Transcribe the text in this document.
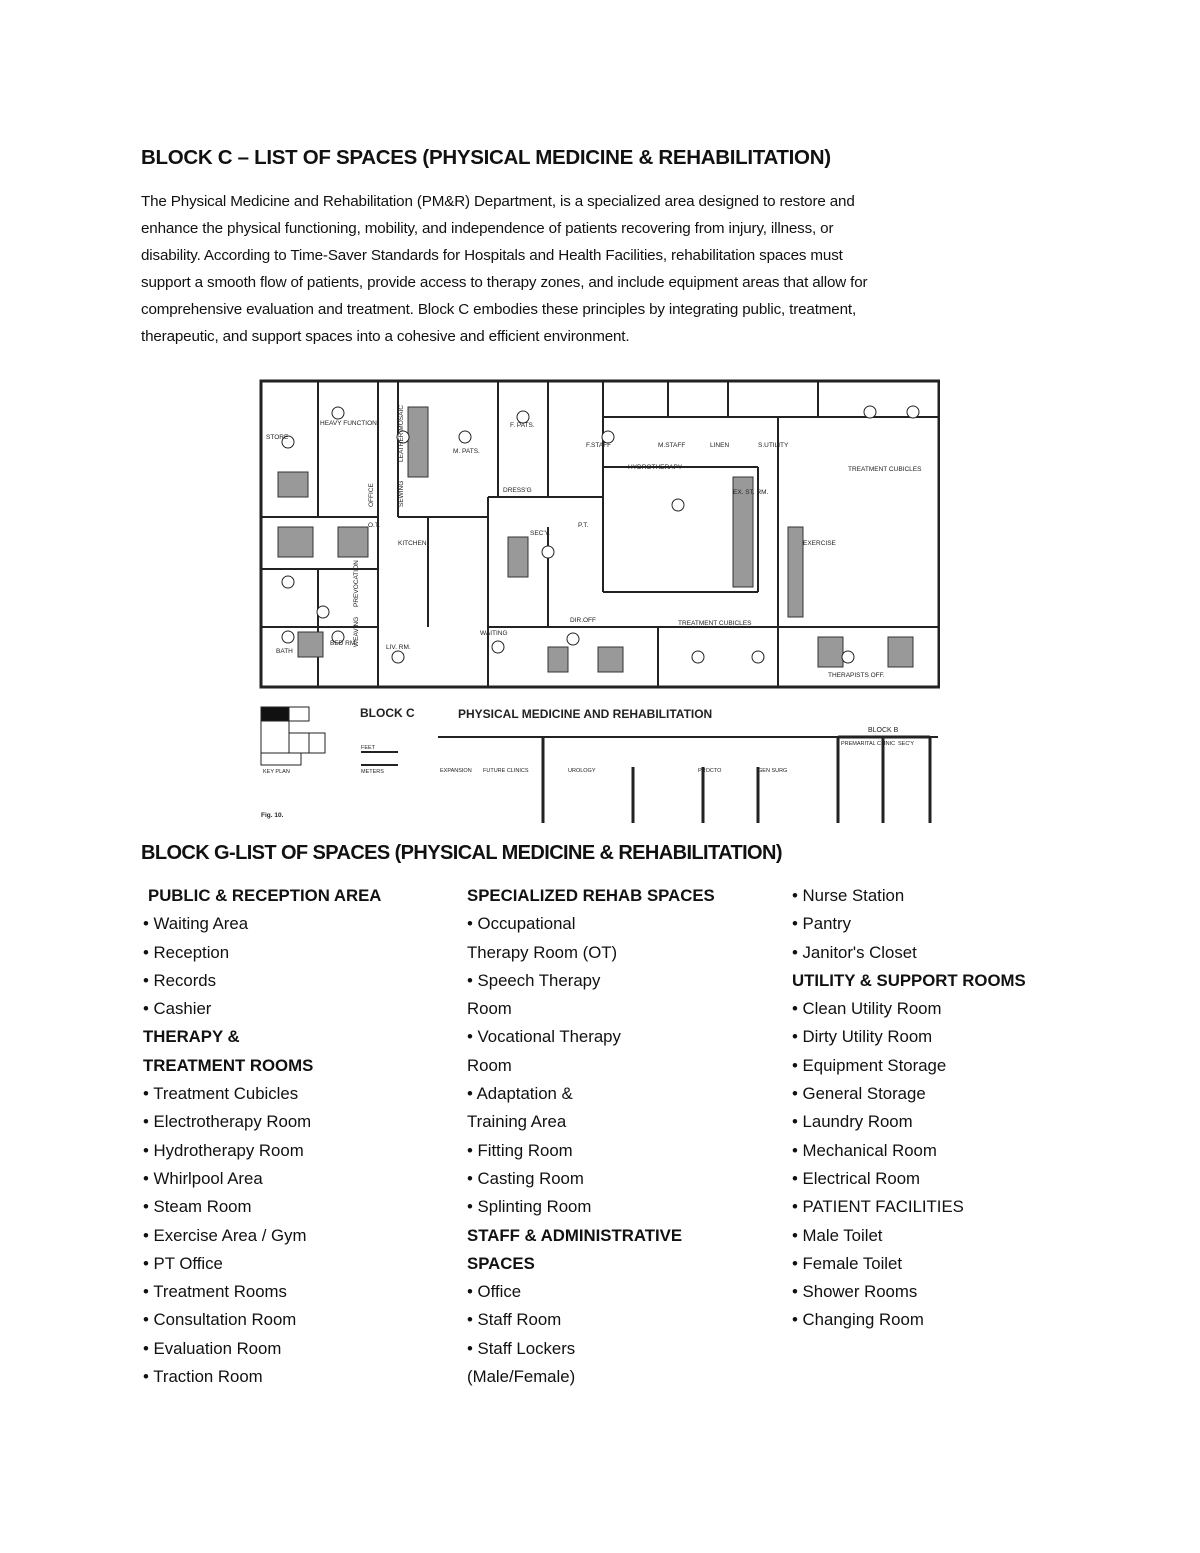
BLOCK C – LIST OF SPACES (PHYSICAL MEDICINE & REHABILITATION)

The Physical Medicine and Rehabilitation (PM&R) Department, is a specialized area designed to restore and
enhance the physical functioning, mobility, and independence of patients recovering from injury, illness, or
disability. According to Time-Saver Standards for Hospitals and Health Facilities, rehabilitation spaces must
support a smooth flow of patients, provide access to therapy zones, and include equipment areas that allow for
comprehensive evaluation and treatment. Block C embodies these principles by integrating public, treatment,
therapeutic, and support spaces into a cohesive and efficient environment.

HEAVY FUNCTION
STORE
O.T.
KITCHEN
BATH
BED RM.
LIV. RM.
WAITING
M. PATS.
F. PATS.
DRESS'G
SEC'Y.
P.T.
DIR.OFF
F.STAFF	M.STAFF	LINEN	S.UTILITY
HYDROTHERAPY
EX. ST. RM.
EXERCISE
TREATMENT CUBICLES
TREATMENT CUBICLES
THERAPISTS OFF.
PREVOCATION
WEAVING
OFFICE
LEATHER MOSAIC
SEWING
BLOCK C	PHYSICAL MEDICINE AND REHABILITATION
BLOCK B
EXPANSION FUTURE CLINICS	UROLOGY	PROCTO	GEN SURG
PREMARITAL CLINIC SEC'Y
FEET
METERS
KEY PLAN
Fig. 10.
BLOCK G-LIST OF SPACES (PHYSICAL MEDICINE & REHABILITATION)
PUBLIC & RECEPTION AREA
• Waiting Area
• Reception
• Records
• Cashier
THERAPY &
TREATMENT ROOMS
• Treatment Cubicles
• Electrotherapy Room
• Hydrotherapy Room
• Whirlpool Area
• Steam Room
• Exercise Area / Gym
• PT Office
• Treatment Rooms
• Consultation Room
• Evaluation Room
• Traction Room
SPECIALIZED REHAB SPACES
• Occupational
Therapy Room (OT)
• Speech Therapy
Room
• Vocational Therapy
Room
• Adaptation &
Training Area
• Fitting Room
• Casting Room
• Splinting Room
STAFF & ADMINISTRATIVE
SPACES
• Office
• Staff Room
• Staff Lockers
(Male/Female)
• Nurse Station
• Pantry
• Janitor's Closet
UTILITY & SUPPORT ROOMS
• Clean Utility Room
• Dirty Utility Room
• Equipment Storage
• General Storage
• Laundry Room
• Mechanical Room
• Electrical Room
• PATIENT FACILITIES
• Male Toilet
• Female Toilet
• Shower Rooms
• Changing Room
